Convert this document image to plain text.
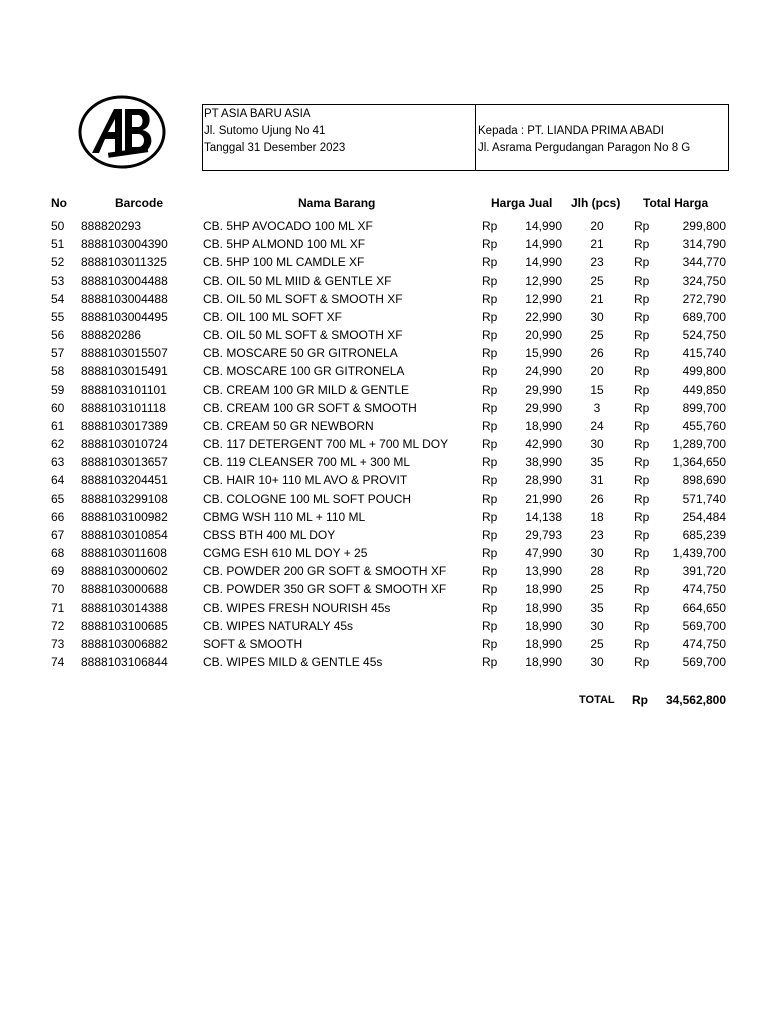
PT ASIA BARU ASIA
Jl. Sutomo Ujung No 41
Tanggal 31 Desember 2023
Kepada : PT. LIANDA PRIMA ABADI
Jl. Asrama Pergudangan Paragon No 8 G
No	Barcode	Nama Barang	Harga Jual Jlh (pcs) Total Harga
50 888820293	CB. 5HP AVOCADO 100 ML XF	Rp 14,990	20	Rp	299,800
51 8888103004390	CB. 5HP ALMOND 100 ML XF	Rp 14,990	21	Rp	314,790
52 8888103011325	CB. 5HP 100 ML CAMDLE XF	Rp 14,990	23	Rp	344,770
53 8888103004488	CB. OIL 50 ML MIID & GENTLE XF	Rp 12,990	25	Rp	324,750
54 8888103004488	CB. OIL 50 ML SOFT & SMOOTH XF	Rp 12,990	21	Rp	272,790
55 8888103004495	CB. OIL 100 ML SOFT XF	Rp 22,990	30	Rp	689,700
56 888820286	CB. OIL 50 ML SOFT & SMOOTH XF	Rp 20,990	25	Rp	524,750
57 8888103015507	CB. MOSCARE 50 GR GITRONELA	Rp 15,990	26	Rp	415,740
58 8888103015491	CB. MOSCARE 100 GR GITRONELA	Rp 24,990	20	Rp	499,800
59 8888103101101	CB. CREAM 100 GR MILD & GENTLE	Rp 29,990	15	Rp	449,850
60 8888103101118	CB. CREAM 100 GR SOFT & SMOOTH	Rp 29,990	3	Rp	899,700
61 8888103017389	CB. CREAM 50 GR NEWBORN	Rp 18,990	24	Rp	455,760
62 8888103010724	CB. 117 DETERGENT 700 ML + 700 ML DOY	Rp 42,990	30	Rp 1,289,700
63 8888103013657	CB. 119 CLEANSER 700 ML + 300 ML	Rp 38,990	35	Rp 1,364,650
64 8888103204451	CB. HAIR 10+ 110 ML AVO & PROVIT	Rp 28,990	31	Rp	898,690
65 8888103299108	CB. COLOGNE 100 ML SOFT POUCH	Rp 21,990	26	Rp	571,740
66 8888103100982	CBMG WSH 110 ML + 110 ML	Rp 14,138	18	Rp	254,484
67 8888103010854	CBSS BTH 400 ML DOY	Rp 29,793	23	Rp	685,239
68 8888103011608	CGMG ESH 610 ML DOY + 25	Rp 47,990	30	Rp 1,439,700
69 8888103000602	CB. POWDER 200 GR SOFT & SMOOTH XF	Rp 13,990	28	Rp	391,720
70 8888103000688	CB. POWDER 350 GR SOFT & SMOOTH XF	Rp 18,990	25	Rp	474,750
71 8888103014388	CB. WIPES FRESH NOURISH 45s	Rp 18,990	35	Rp	664,650
72 8888103100685	CB. WIPES NATURALY 45s	Rp 18,990	30	Rp	569,700
73 8888103006882	SOFT & SMOOTH	Rp 18,990	25	Rp	474,750
74 8888103106844	CB. WIPES MILD & GENTLE 45s	Rp 18,990	30	Rp	569,700
TOTAL Rp 34,562,800
